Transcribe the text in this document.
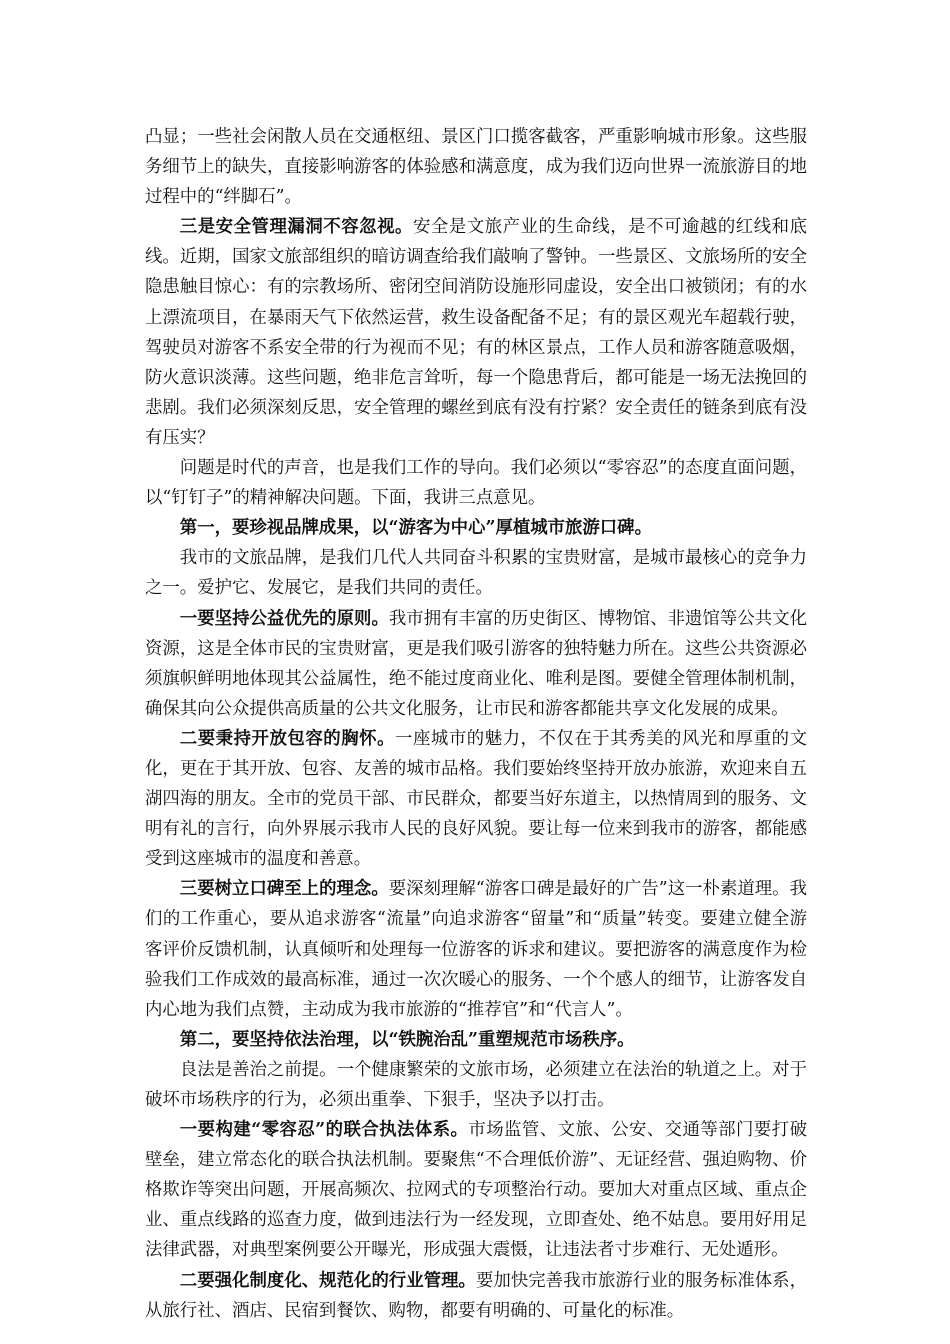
凸显；一些社会闲散人员在交通枢纽、景区门口揽客截客，严重影响城市形象。这些服务细节上的缺失，直接影响游客的体验感和满意度，成为我们迈向世界一流旅游目的地过程中的“绊脚石”。

三是安全管理漏洞不容忽视。安全是文旅产业的生命线，是不可逾越的红线和底线。近期，国家文旅部组织的暗访调查给我们敲响了警钟。一些景区、文旅场所的安全隐患触目惊心：有的宗教场所、密闭空间消防设施形同虚设，安全出口被锁闭；有的水上漂流项目，在暴雨天气下依然运营，救生设备配备不足；有的景区观光车超载行驶，驾驶员对游客不系安全带的行为视而不见；有的林区景点，工作人员和游客随意吸烟，防火意识淡薄。这些问题，绝非危言耸听，每一个隐患背后，都可能是一场无法挽回的悲剧。我们必须深刻反思，安全管理的螺丝到底有没有拧紧？安全责任的链条到底有没有压实？

问题是时代的声音，也是我们工作的导向。我们必须以“零容忍”的态度直面问题，以“钉钉子”的精神解决问题。下面，我讲三点意见。

第一，要珍视品牌成果，以“游客为中心”厚植城市旅游口碑。

我市的文旅品牌，是我们几代人共同奋斗积累的宝贵财富，是城市最核心的竞争力之一。爱护它、发展它，是我们共同的责任。

一要坚持公益优先的原则。我市拥有丰富的历史街区、博物馆、非遗馆等公共文化资源，这是全体市民的宝贵财富，更是我们吸引游客的独特魅力所在。这些公共资源必须旗帜鲜明地体现其公益属性，绝不能过度商业化、唯利是图。要健全管理体制机制，确保其向公众提供高质量的公共文化服务，让市民和游客都能共享文化发展的成果。

二要秉持开放包容的胸怀。一座城市的魅力，不仅在于其秀美的风光和厚重的文化，更在于其开放、包容、友善的城市品格。我们要始终坚持开放办旅游，欢迎来自五湖四海的朋友。全市的党员干部、市民群众，都要当好东道主，以热情周到的服务、文明有礼的言行，向外界展示我市人民的良好风貌。要让每一位来到我市的游客，都能感受到这座城市的温度和善意。

三要树立口碑至上的理念。要深刻理解“游客口碑是最好的广告”这一朴素道理。我们的工作重心，要从追求游客“流量”向追求游客“留量”和“质量”转变。要建立健全游客评价反馈机制，认真倾听和处理每一位游客的诉求和建议。要把游客的满意度作为检验我们工作成效的最高标准，通过一次次暖心的服务、一个个感人的细节，让游客发自内心地为我们点赞，主动成为我市旅游的“推荐官”和“代言人”。

第二，要坚持依法治理，以“铁腕治乱”重塑规范市场秩序。

良法是善治之前提。一个健康繁荣的文旅市场，必须建立在法治的轨道之上。对于破坏市场秩序的行为，必须出重拳、下狠手，坚决予以打击。

一要构建“零容忍”的联合执法体系。市场监管、文旅、公安、交通等部门要打破壁垒，建立常态化的联合执法机制。要聚焦“不合理低价游”、无证经营、强迫购物、价格欺诈等突出问题，开展高频次、拉网式的专项整治行动。要加大对重点区域、重点企业、重点线路的巡查力度，做到违法行为一经发现，立即查处、绝不姑息。要用好用足法律武器，对典型案例要公开曝光，形成强大震慑，让违法者寸步难行、无处遁形。

二要强化制度化、规范化的行业管理。要加快完善我市旅游行业的服务标准体系，从旅行社、酒店、民宿到餐饮、购物，都要有明确的、可量化的标准。
